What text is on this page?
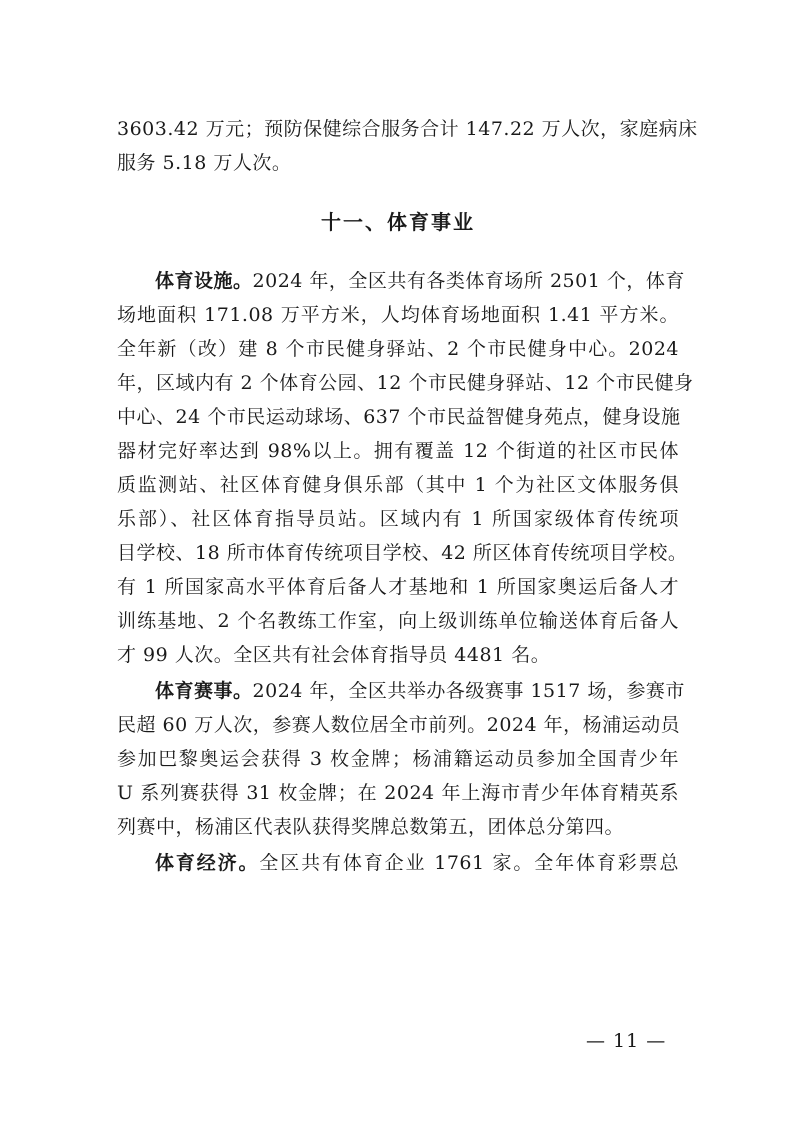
3603.42 万元；预防保健综合服务合计 147.22 万人次，家庭病床
服务 5.18 万人次。
十一、体育事业
体育设施。2024 年，全区共有各类体育场所 2501 个，体育
场地面积 171.08 万平方米，人均体育场地面积 1.41 平方米。
全年新（改）建 8 个市民健身驿站、2 个市民健身中心。2024
年，区域内有 2 个体育公园、12 个市民健身驿站、12 个市民健身
中心、24 个市民运动球场、637 个市民益智健身苑点，健身设施
器材完好率达到 98%以上。拥有覆盖 12 个街道的社区市民体
质监测站、社区体育健身俱乐部（其中 1 个为社区文体服务俱
乐部）、社区体育指导员站。区域内有 1 所国家级体育传统项
目学校、18 所市体育传统项目学校、42 所区体育传统项目学校。
有 1 所国家高水平体育后备人才基地和 1 所国家奥运后备人才
训练基地、2 个名教练工作室，向上级训练单位输送体育后备人
才 99 人次。全区共有社会体育指导员 4481 名。
体育赛事。2024 年，全区共举办各级赛事 1517 场，参赛市
民超 60 万人次，参赛人数位居全市前列。2024 年，杨浦运动员
参加巴黎奥运会获得 3 枚金牌；杨浦籍运动员参加全国青少年
U 系列赛获得 31 枚金牌；在 2024 年上海市青少年体育精英系
列赛中，杨浦区代表队获得奖牌总数第五，团体总分第四。
体育经济。全区共有体育企业 1761 家。全年体育彩票总
— 11 —
